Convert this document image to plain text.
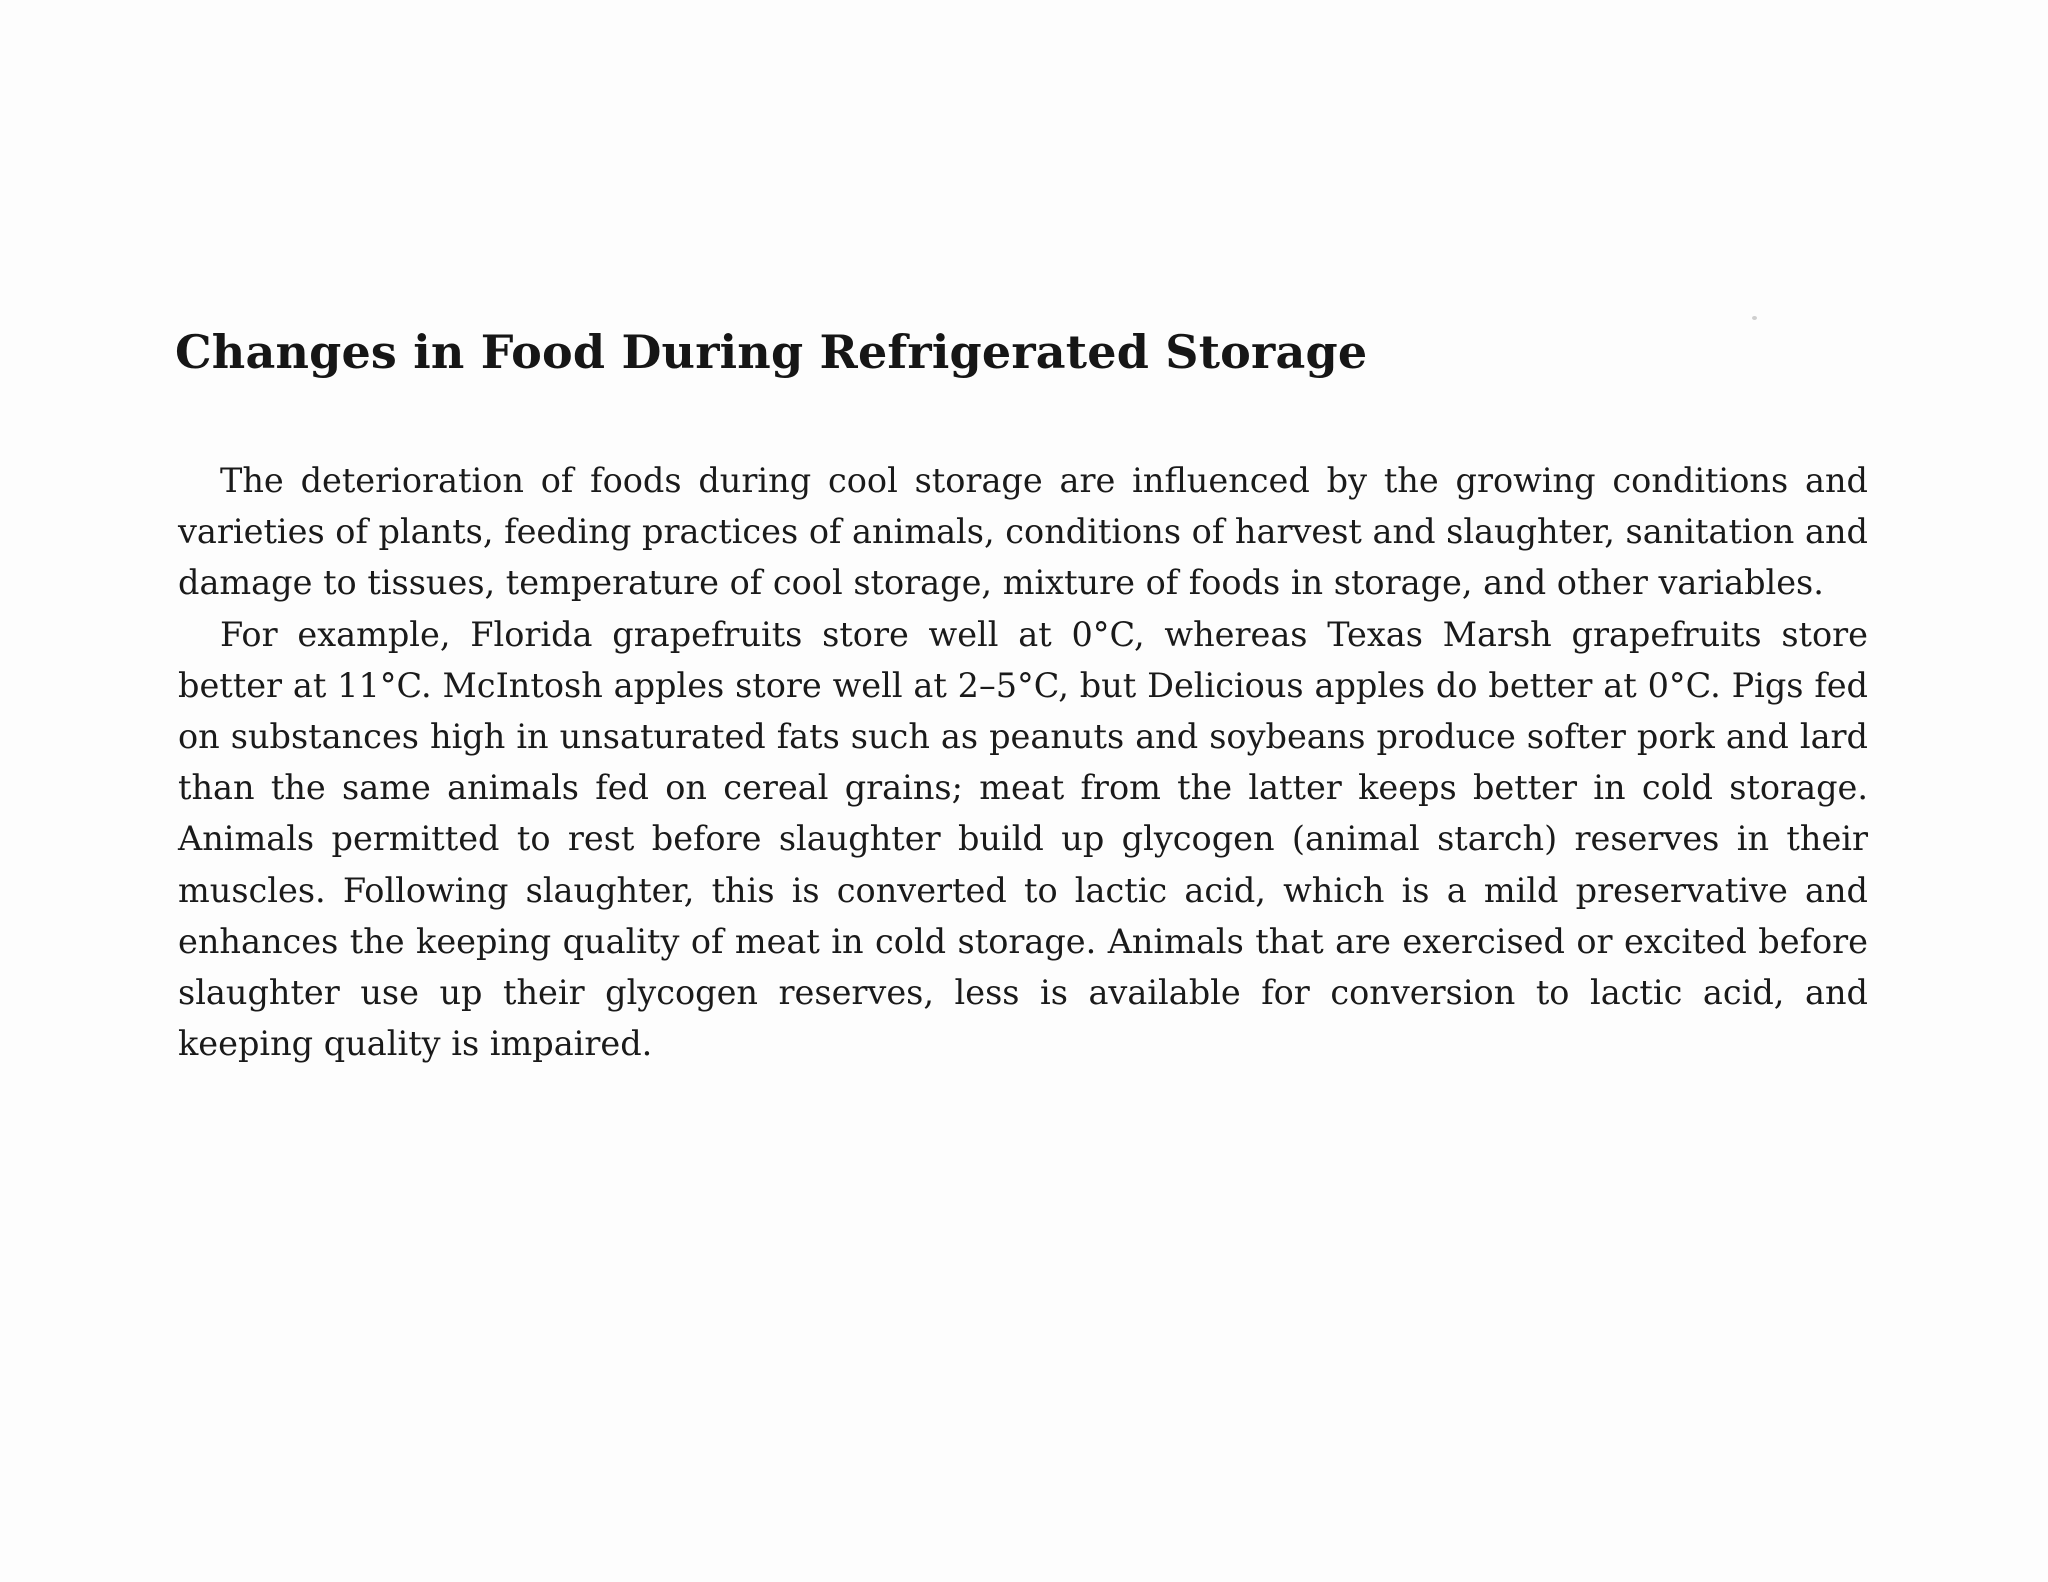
Changes in Food During Refrigerated Storage

The deterioration of foods during cool storage are influenced by the growing conditions and varieties of plants, feeding practices of animals, conditions of harvest and slaughter, sanitation and damage to tissues, temperature of cool storage, mixture of foods in storage, and other variables.

For example, Florida grapefruits store well at 0°C, whereas Texas Marsh grapefruits store better at 11°C. McIntosh apples store well at 2–5°C, but Delicious apples do better at 0°C. Pigs fed on substances high in unsaturated fats such as peanuts and soybeans produce softer pork and lard than the same animals fed on cereal grains; meat from the latter keeps better in cold storage. Animals permitted to rest before slaughter build up glycogen (animal starch) reserves in their muscles. Following slaughter, this is converted to lactic acid, which is a mild preservative and enhances the keeping quality of meat in cold storage. Animals that are exercised or excited before slaughter use up their glycogen reserves, less is available for conversion to lactic acid, and keeping quality is impaired.
